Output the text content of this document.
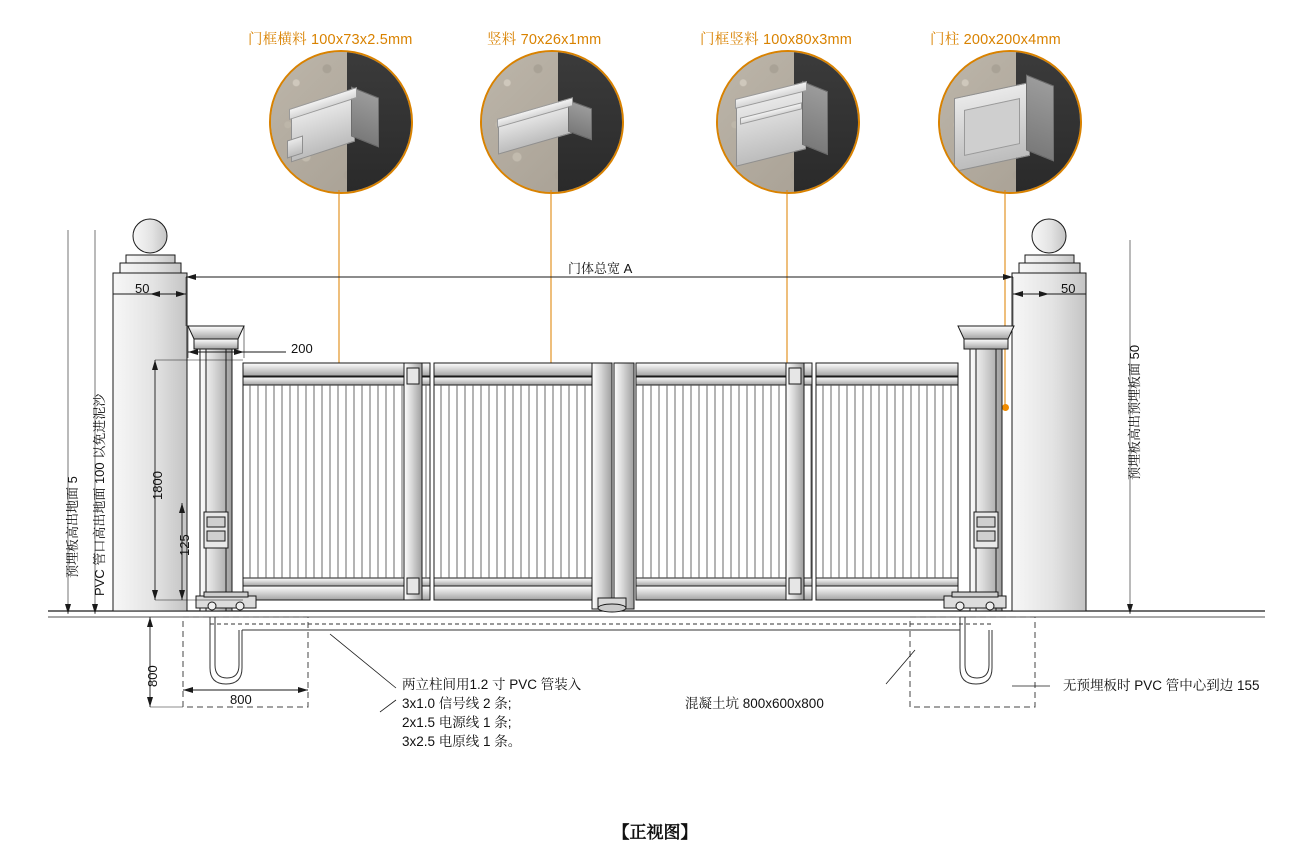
门框横料 100x73x2.5mm	竖料 70x26x1mm	门框竖料 100x80x3mm	门柱 200x200x4mm
门体总宽 A
50	50
200
800
1800
125
800
预埋板高出地面 5 PVC 管口高出地面 100 以免进泥沙	预埋板高出预埋板面 50
两立柱间用1.2 寸 PVC 管装入
3x1.0 信号线 2 条;
2x1.5 电源线 1 条;
3x2.5 电原线 1 条。
混凝土坑 800x600x800
无预埋板时 PVC 管中心到边 155
【正视图】
